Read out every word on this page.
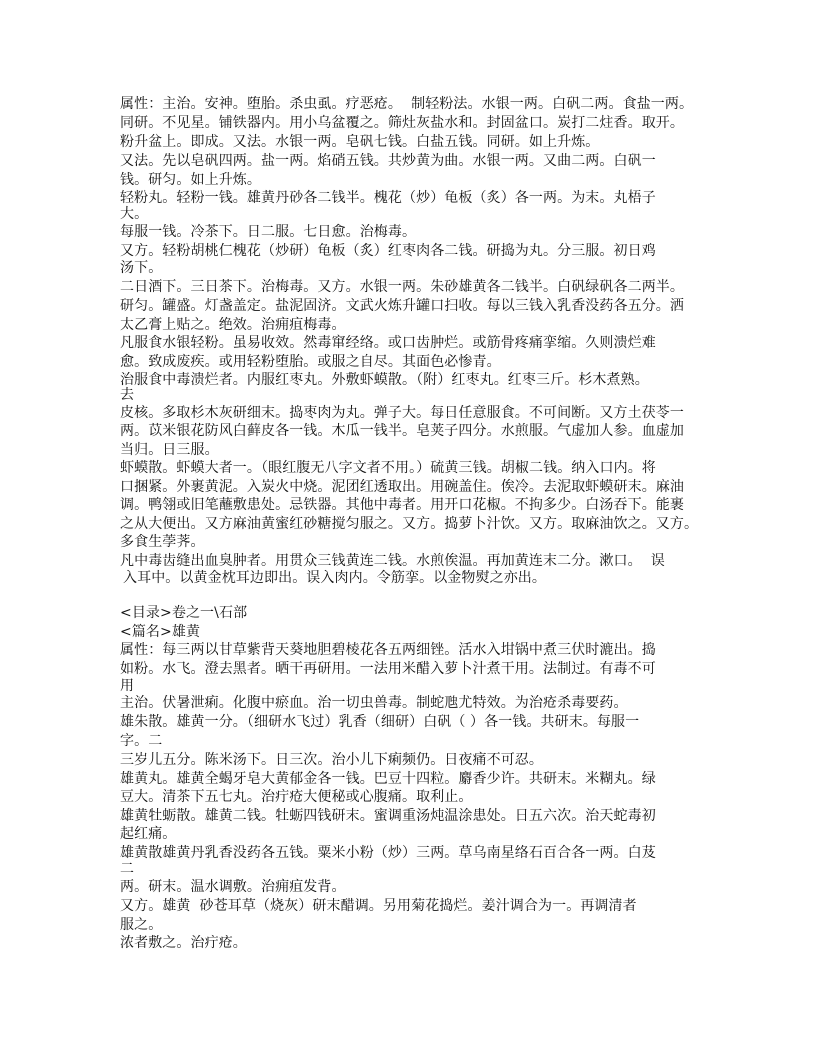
属性：主治。安神。堕胎。杀虫虱。疗恶疮。  制轻粉法。水银一两。白矾二两。食盐一两。
同研。不见星。铺铁器内。用小乌盆覆之。筛灶灰盐水和。封固盆口。炭打二炷香。取开。
粉升盆上。即成。又法。水银一两。皂矾七钱。白盐五钱。同研。如上升炼。
又法。先以皂矾四两。盐一两。焰硝五钱。共炒黄为曲。水银一两。又曲二两。白矾一
钱。研匀。如上升炼。
轻粉丸。轻粉一钱。雄黄丹砂各二钱半。槐花（炒）龟板（炙）各一两。为末。丸梧子
大。
每服一钱。冷茶下。日二服。七日愈。治梅毒。
又方。轻粉胡桃仁槐花（炒研）龟板（炙）红枣肉各二钱。研捣为丸。分三服。初日鸡
汤下。
二日酒下。三日茶下。治梅毒。又方。水银一两。朱砂雄黄各二钱半。白矾绿矾各二两半。
研匀。罐盛。灯盏盖定。盐泥固济。文武火炼升罐口扫收。每以三钱入乳香没药各五分。洒
太乙膏上贴之。绝效。治痈疽梅毒。
凡服食水银轻粉。虽易收效。然毒窜经络。或口齿肿烂。或筋骨疼痛挛缩。久则溃烂难
愈。致成废疾。或用轻粉堕胎。或服之自尽。其面色必惨青。
治服食中毒溃烂者。内服红枣丸。外敷虾蟆散。（附）红枣丸。红枣三斤。杉木煮熟。
去
皮核。多取杉木灰研细末。捣枣肉为丸。弹子大。每日任意服食。不可间断。又方土茯苓一
两。苡米银花防风白藓皮各一钱。木瓜一钱半。皂荚子四分。水煎服。气虚加人参。血虚加
当归。日三服。
虾蟆散。虾蟆大者一。（眼红腹无八字文者不用。）硫黄三钱。胡椒二钱。纳入口内。将
口捆紧。外裹黄泥。入炭火中烧。泥团红透取出。用碗盖住。俟冷。去泥取虾蟆研末。麻油
调。鸭翎或旧笔蘸敷患处。忌铁器。其他中毒者。用开口花椒。不拘多少。白汤吞下。能裹
之从大便出。又方麻油黄蜜红砂糖搅匀服之。又方。捣萝卜汁饮。又方。取麻油饮之。又方。
多食生荸荠。
凡中毒齿缝出血臭肿者。用贯众三钱黄连二钱。水煎俟温。再加黄连末二分。漱口。  误
入耳中。以黄金枕耳边即出。误入肉内。令筋挛。以金物熨之亦出。
<目录>卷之一\石部
<篇名>雄黄
属性：每三两以甘草紫背天葵地胆碧棱花各五两细锉。活水入坩锅中煮三伏时漉出。捣
如粉。水飞。澄去黑者。晒干再研用。一法用米醋入萝卜汁煮干用。法制过。有毒不可
用
主治。伏暑泄痢。化腹中瘀血。治一切虫兽毒。制蛇虺尤特效。为治疮杀毒要药。
雄朱散。雄黄一分。（细研水飞过）乳香（细研）白矾（ ）各一钱。共研末。每服一
字。二
三岁儿五分。陈米汤下。日三次。治小儿下痢频仍。日夜痛不可忍。
雄黄丸。雄黄全蝎牙皂大黄郁金各一钱。巴豆十四粒。麝香少许。共研末。米糊丸。绿
豆大。清茶下五七丸。治疔疮大便秘或心腹痛。取利止。
雄黄牡蛎散。雄黄二钱。牡蛎四钱研末。蜜调重汤炖温涂患处。日五六次。治天蛇毒初
起红痛。
雄黄散雄黄丹乳香没药各五钱。粟米小粉（炒）三两。草乌南星络石百合各一两。白芨
二
两。研末。温水调敷。治痈疽发背。
又方。雄黄  砂苍耳草（烧灰）研末醋调。另用菊花捣烂。姜汁调合为一。再调清者
服之。
浓者敷之。治疔疮。
